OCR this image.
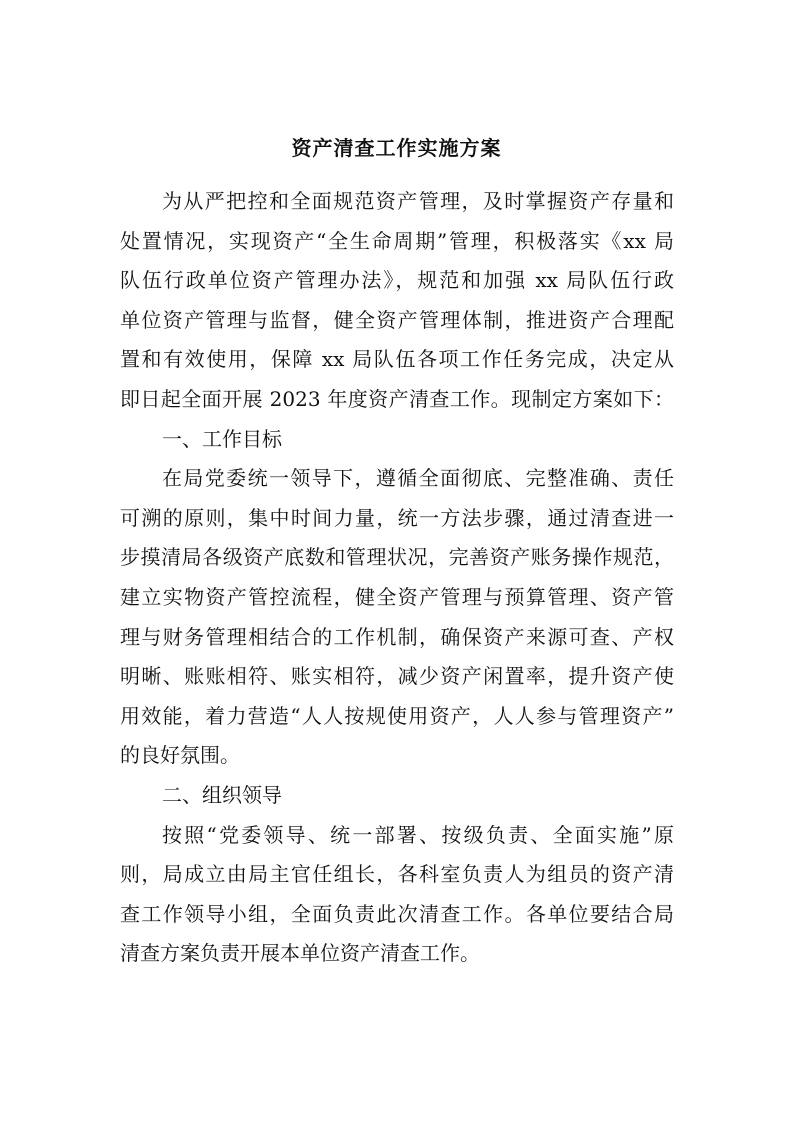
资产清查工作实施方案
为从严把控和全面规范资产管理，及时掌握资产存量和
处置情况，实现资产“全生命周期”管理，积极落实《xx 局
队伍行政单位资产管理办法》，规范和加强 xx 局队伍行政
单位资产管理与监督，健全资产管理体制，推进资产合理配
置和有效使用，保障 xx 局队伍各项工作任务完成，决定从
即日起全面开展 2023 年度资产清查工作。现制定方案如下：
一、工作目标
在局党委统一领导下，遵循全面彻底、完整准确、责任
可溯的原则，集中时间力量，统一方法步骤，通过清查进一
步摸清局各级资产底数和管理状况，完善资产账务操作规范，
建立实物资产管控流程，健全资产管理与预算管理、资产管
理与财务管理相结合的工作机制，确保资产来源可查、产权
明晰、账账相符、账实相符，减少资产闲置率，提升资产使
用效能，着力营造“人人按规使用资产，人人参与管理资产”
的良好氛围。
二、组织领导
按照“党委领导、统一部署、按级负责、全面实施”原
则，局成立由局主官任组长，各科室负责人为组员的资产清
查工作领导小组，全面负责此次清查工作。各单位要结合局
清查方案负责开展本单位资产清查工作。
